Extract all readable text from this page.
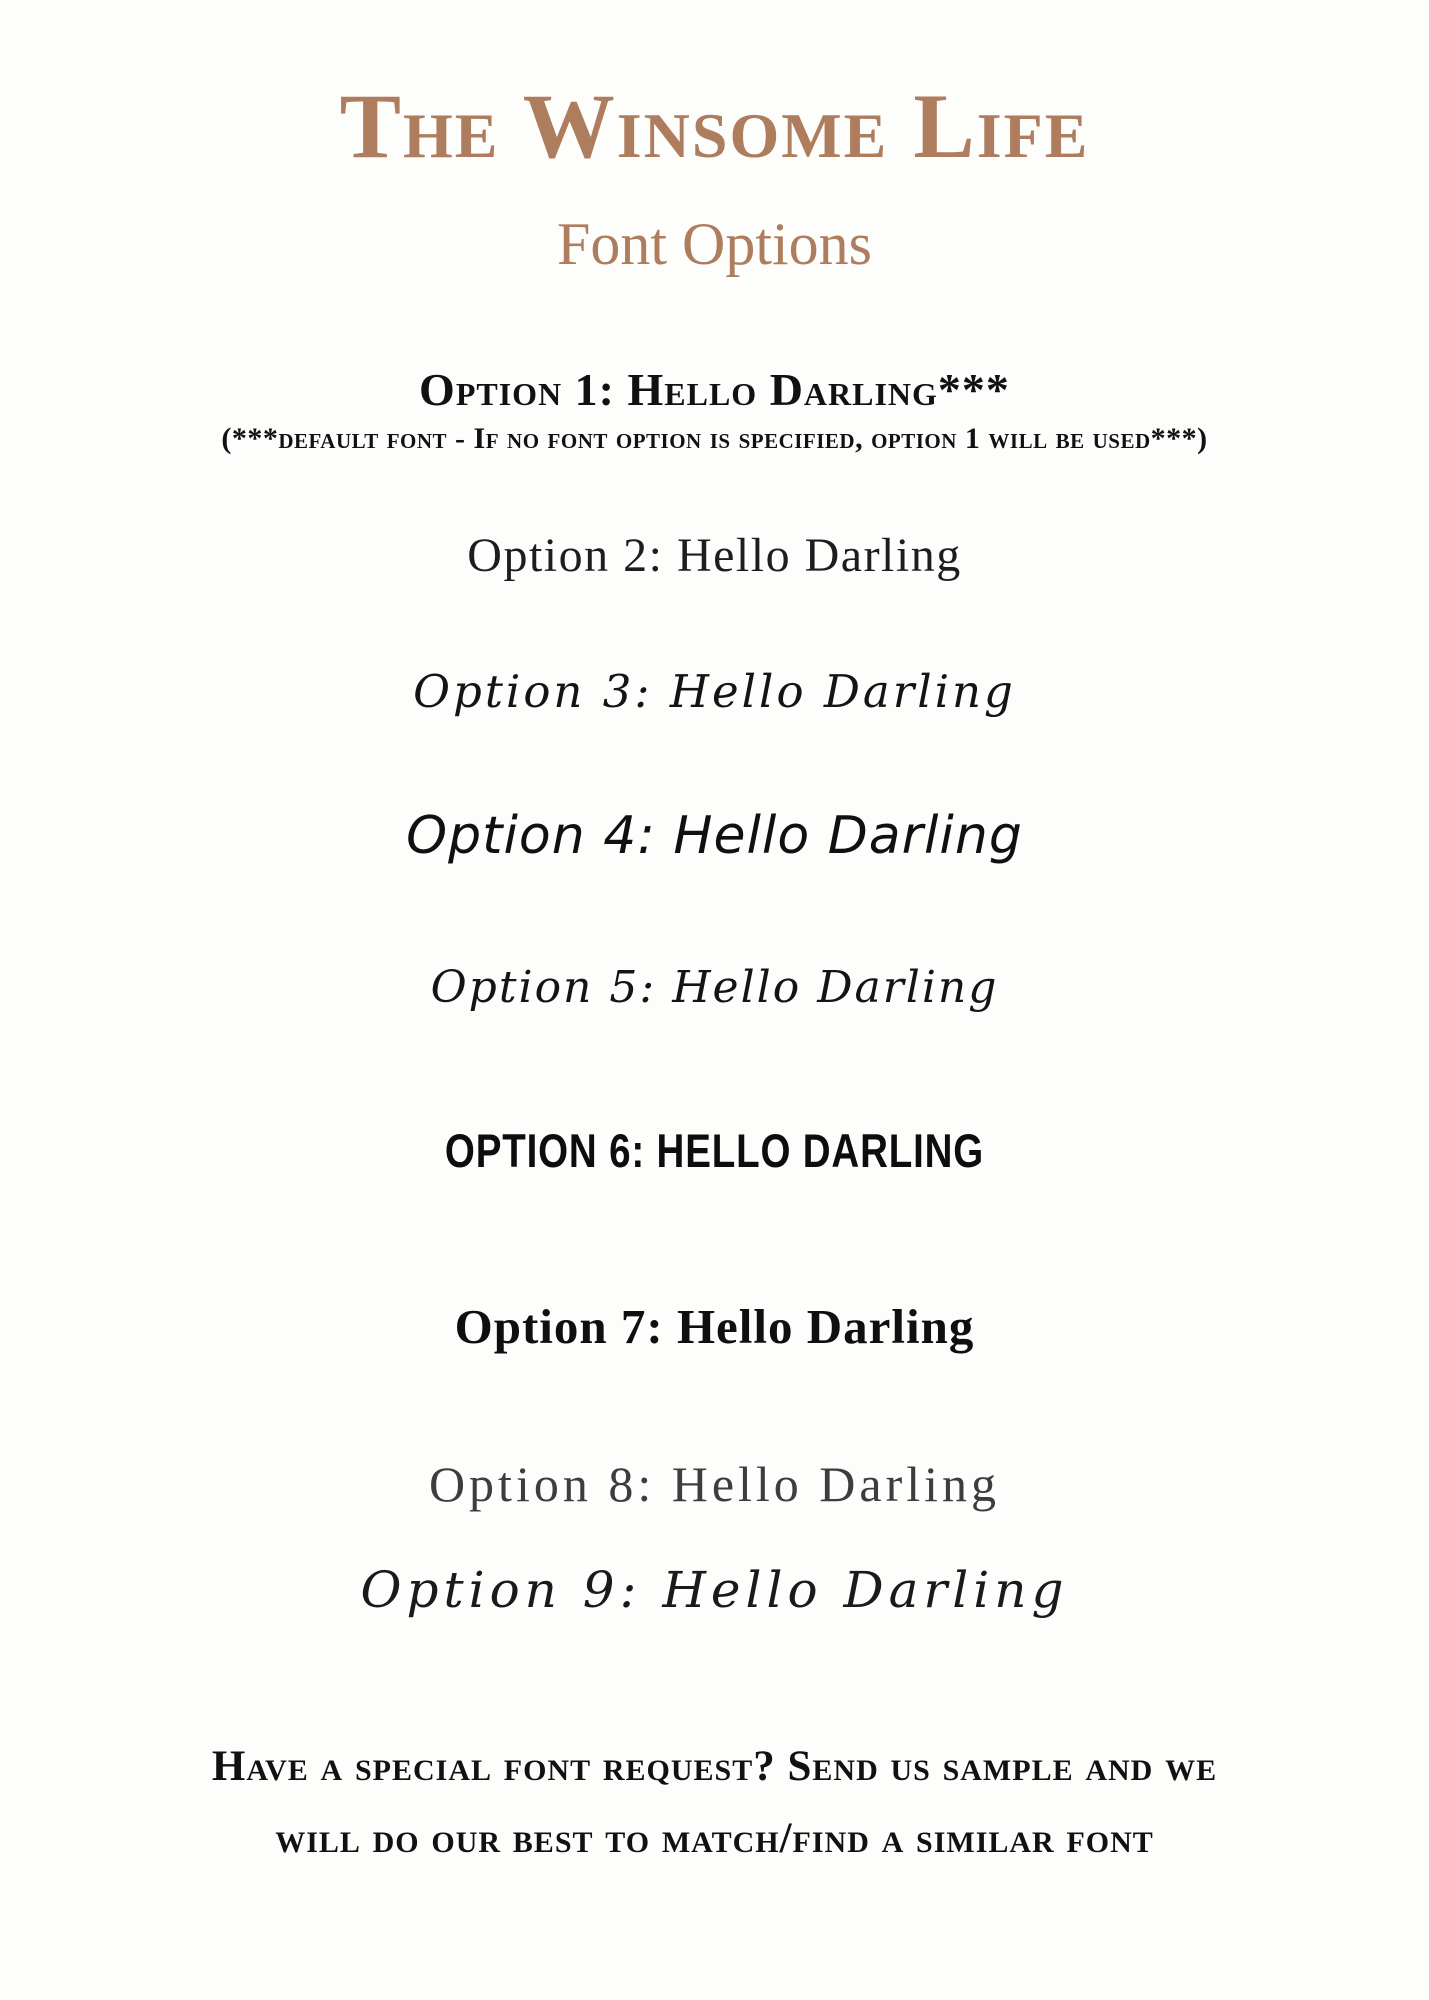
The Winsome Life
Font Options
Option 1: Hello Darling***
(***default font - If no font option is specified, option 1 will be used***)
Option 2: Hello Darling
Option 3: Hello Darling
Option 4: Hello Darling
Option 5: Hello Darling
OPTION 6: HELLO DARLING
Option 7: Hello Darling
Option 8: Hello Darling
Option 9: Hello Darling
Have a special font request? Send us sample and we
will do our best to match/find a similar font
